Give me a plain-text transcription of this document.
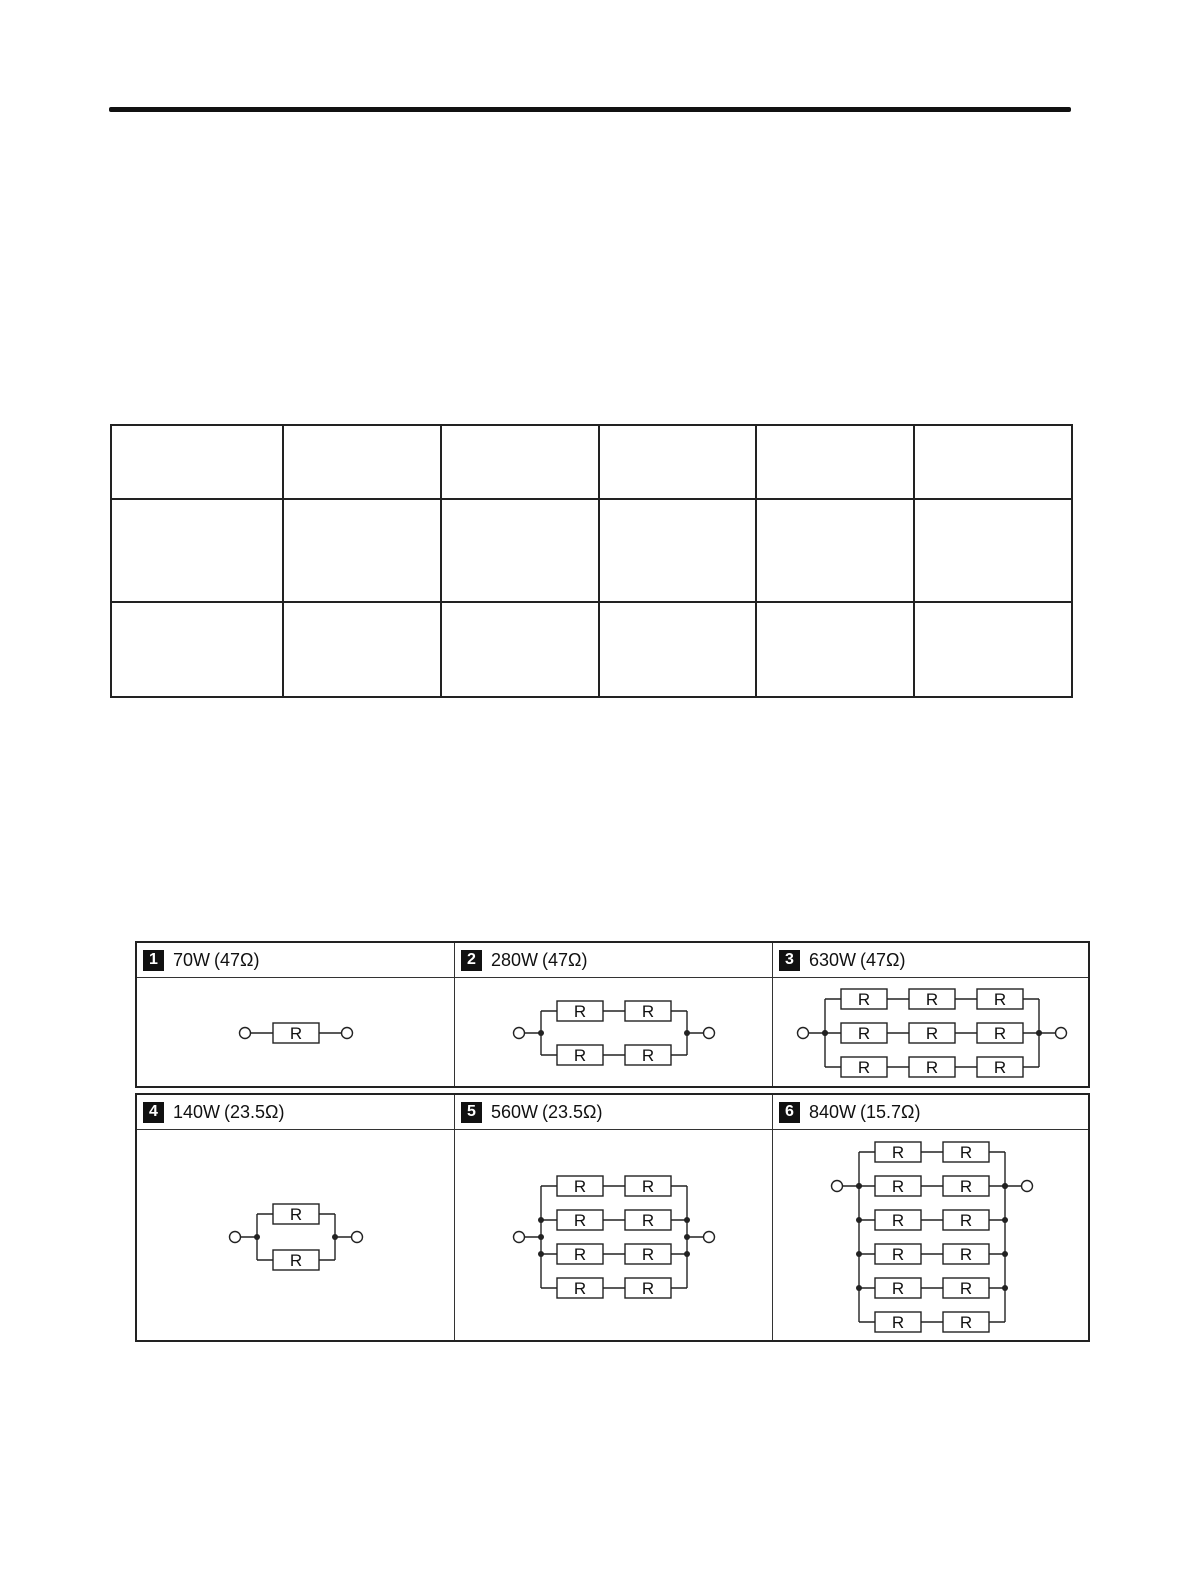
1 70W (47Ω)
R
2 280W (47Ω)
R	R
R	R
3 630W (47Ω)
R	R	R
R	R	R
R	R	R
4 140W (23.5Ω)
R
R
5 560W (23.5Ω)
R	R
R	R
R	R
R	R
6 840W (15.7Ω)
R	R
R	R
R	R
R	R
R	R
R	R
